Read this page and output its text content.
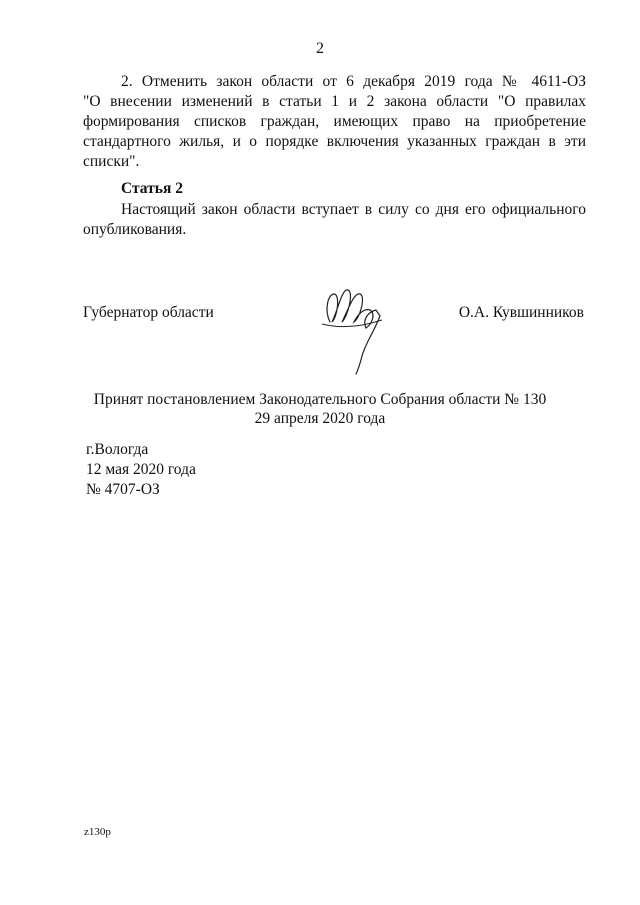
2
2. Отменить закон области от 6 декабря 2019 года № 4611-ОЗ
"О внесении изменений в статьи 1 и 2 закона области "О правилах
формирования списков граждан, имеющих право на приобретение
стандартного жилья, и о порядке включения указанных граждан в эти
списки".
Статья 2
Настоящий закон области вступает в силу со дня его официального
опубликования.
Губернатор области	О.А. Кувшинников
Принят постановлением Законодательного Собрания области № 130
29 апреля 2020 года
г.Вологда
12 мая 2020 года
№ 4707-ОЗ
z130p
